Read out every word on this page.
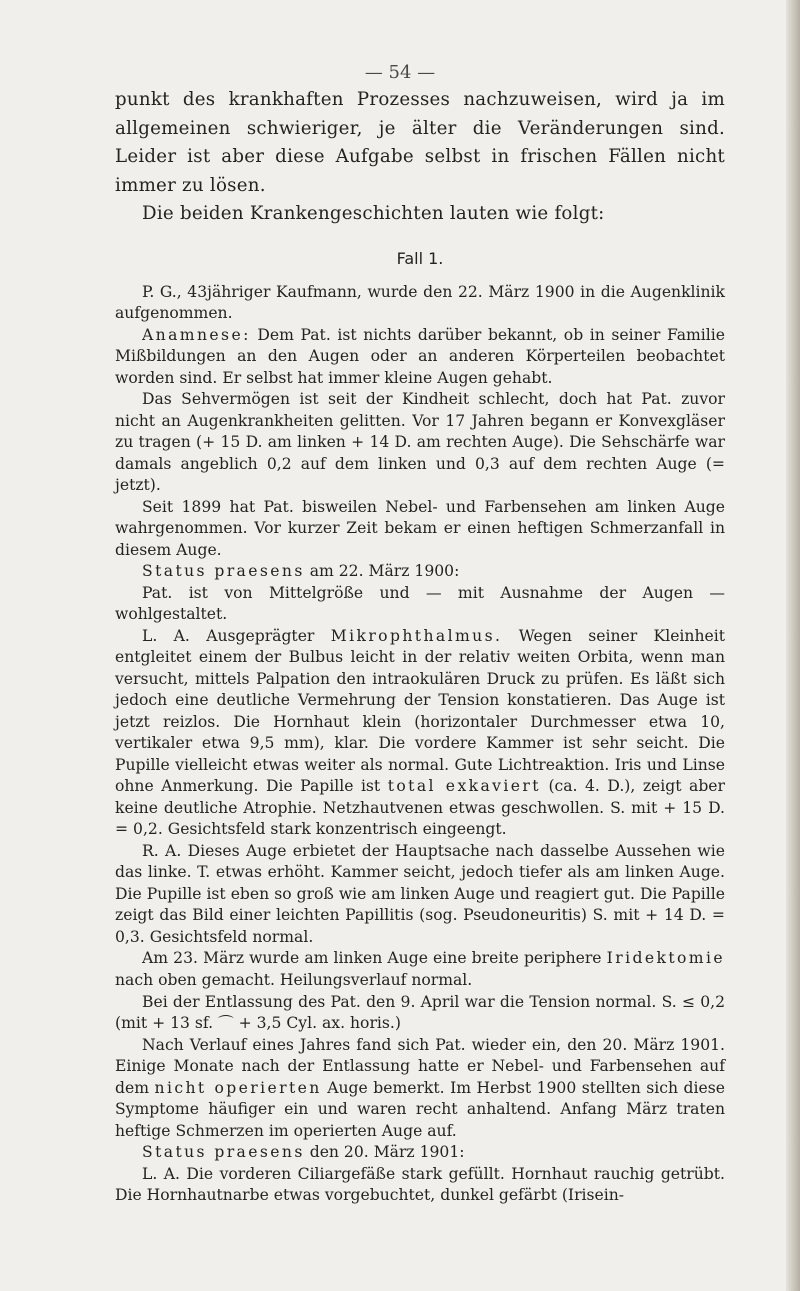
— 54 —

punkt des krankhaften Prozesses nachzuweisen, wird ja im allgemeinen schwieriger, je älter die Veränderungen sind. Leider ist aber diese Aufgabe selbst in frischen Fällen nicht immer zu lösen.

Die beiden Krankengeschichten lauten wie folgt:

Fall 1.

P. G., 43jähriger Kaufmann, wurde den 22. März 1900 in die Augenklinik aufgenommen.

Anamnese: Dem Pat. ist nichts darüber bekannt, ob in seiner Familie Mißbildungen an den Augen oder an anderen Körperteilen beobachtet worden sind. Er selbst hat immer kleine Augen gehabt.

Das Sehvermögen ist seit der Kindheit schlecht, doch hat Pat. zuvor nicht an Augenkrankheiten gelitten. Vor 17 Jahren begann er Konvexgläser zu tragen (+ 15 D. am linken + 14 D. am rechten Auge). Die Sehschärfe war damals angeblich 0,2 auf dem linken und 0,3 auf dem rechten Auge (= jetzt).

Seit 1899 hat Pat. bisweilen Nebel- und Farbensehen am linken Auge wahrgenommen. Vor kurzer Zeit bekam er einen heftigen Schmerzanfall in diesem Auge.

Status praesens am 22. März 1900:

Pat. ist von Mittelgröße und — mit Ausnahme der Augen — wohlgestaltet.

L. A. Ausgeprägter Mikrophthalmus. Wegen seiner Kleinheit entgleitet einem der Bulbus leicht in der relativ weiten Orbita, wenn man versucht, mittels Palpation den intraokulären Druck zu prüfen. Es läßt sich jedoch eine deutliche Vermehrung der Tension konstatieren. Das Auge ist jetzt reizlos. Die Hornhaut klein (horizontaler Durchmesser etwa 10, vertikaler etwa 9,5 mm), klar. Die vordere Kammer ist sehr seicht. Die Pupille vielleicht etwas weiter als normal. Gute Lichtreaktion. Iris und Linse ohne Anmerkung. Die Papille ist total exkaviert (ca. 4. D.), zeigt aber keine deutliche Atrophie. Netzhautvenen etwas geschwollen. S. mit + 15 D. = 0,2. Gesichtsfeld stark konzentrisch eingeengt.

R. A. Dieses Auge erbietet der Hauptsache nach dasselbe Aussehen wie das linke. T. etwas erhöht. Kammer seicht, jedoch tiefer als am linken Auge. Die Pupille ist eben so groß wie am linken Auge und reagiert gut. Die Papille zeigt das Bild einer leichten Papillitis (sog. Pseudoneuritis) S. mit + 14 D. = 0,3. Gesichtsfeld normal.

Am 23. März wurde am linken Auge eine breite periphere Iridektomie nach oben gemacht. Heilungsverlauf normal.

Bei der Entlassung des Pat. den 9. April war die Tension normal. S. ≤ 0,2 (mit + 13 sf. ⌒ + 3,5 Cyl. ax. horis.)

Nach Verlauf eines Jahres fand sich Pat. wieder ein, den 20. März 1901. Einige Monate nach der Entlassung hatte er Nebel- und Farbensehen auf dem nicht operierten Auge bemerkt. Im Herbst 1900 stellten sich diese Symptome häufiger ein und waren recht anhaltend. Anfang März traten heftige Schmerzen im operierten Auge auf.

Status praesens den 20. März 1901:

L. A. Die vorderen Ciliargefäße stark gefüllt. Hornhaut rauchig getrübt. Die Hornhautnarbe etwas vorgebuchtet, dunkel gefärbt (Irisein-
